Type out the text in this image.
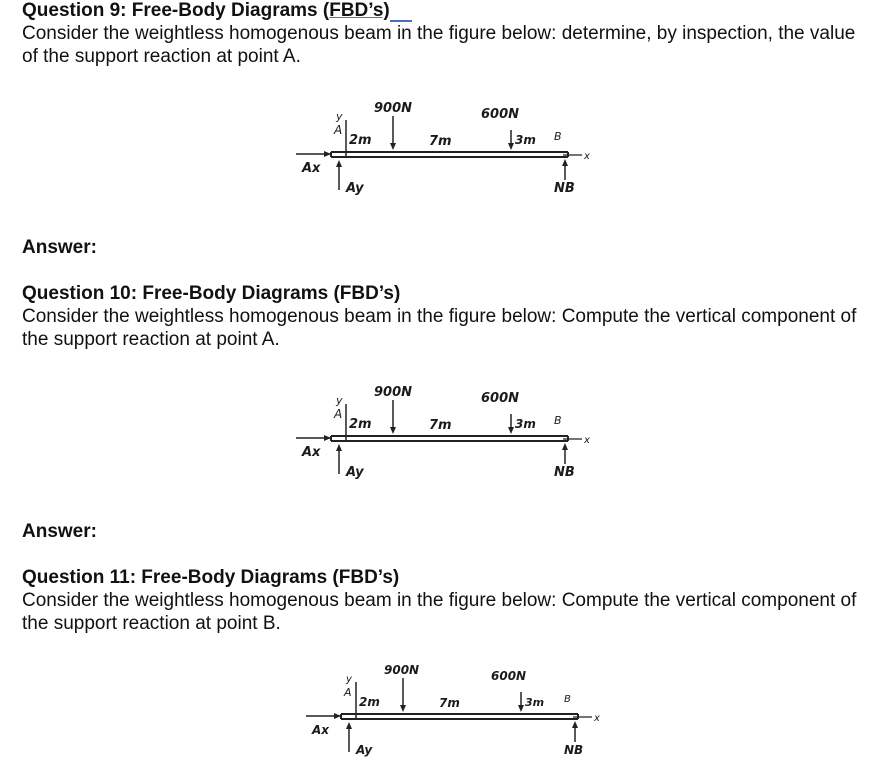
Question 9: Free-Body Diagrams (FBD’s)

Consider the weightless homogenous beam in the figure below: determine, by inspection, the value of the support reaction at point A.

900N	600N
A
y
2m	7m	3m B
x
Ax
Ay	NB
Answer:
Question 10: Free-Body Diagrams (FBD’s)

Consider the weightless homogenous beam in the figure below: Compute the vertical component of the support reaction at point A.

900N	600N
A
y
2m	7m	3m B
x
Ax
Ay	NB
Answer:
Question 11: Free-Body Diagrams (FBD’s)

Consider the weightless homogenous beam in the figure below: Compute the vertical component of the support reaction at point B.

900N	600N
A
y
2m	7m	3m B
x
Ax
Ay	NB
